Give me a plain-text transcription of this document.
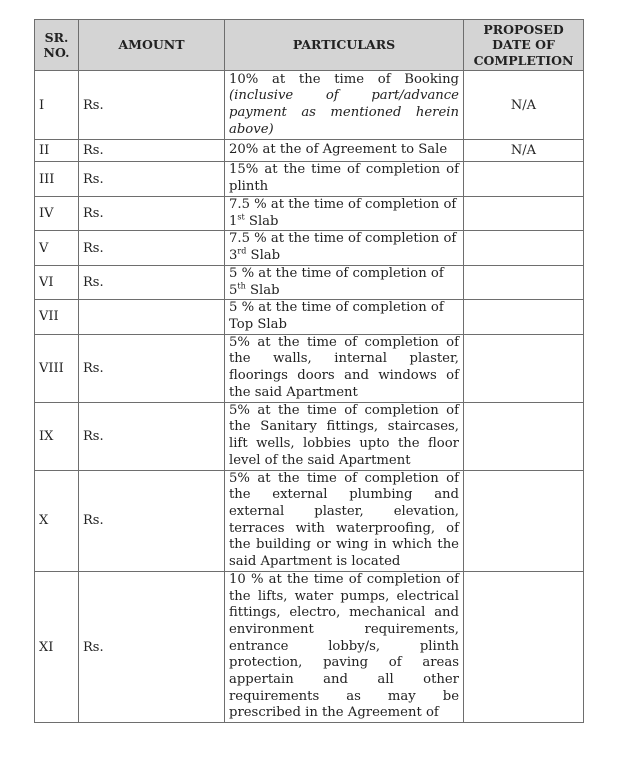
SR. NO.	AMOUNT	PARTICULARS	PROPOSED DATE OF COMPLETION
I	Rs.	10% at the time of Booking (inclusive of part/advance payment as mentioned herein above)	N/A
II	Rs.	20% at the of Agreement to Sale	N/A
III	Rs.	15% at the time of completion of plinth	
IV	Rs.	7.5 % at the time of completion of 1st Slab	
V	Rs.	7.5 % at the time of completion of 3rd Slab	
VI	Rs.	5 % at the time of completion of 5th Slab	
VII		5 % at the time of completion of Top Slab	
VIII	Rs.	5% at the time of completion of the walls, internal plaster, floorings doors and windows of the said Apartment	
IX	Rs.	5% at the time of completion of the Sanitary fittings, staircases, lift wells, lobbies upto the floor level of the said Apartment	
X	Rs.	5% at the time of completion of the external plumbing and external plaster, elevation, terraces with waterproofing, of the building or wing in which the said Apartment is located	
XI	Rs.	10 % at the time of completion of the lifts, water pumps, electrical fittings, electro, mechanical and environment requirements, entrance lobby/s, plinth protection, paving of areas appertain and all other requirements as may be prescribed in the Agreement of	
